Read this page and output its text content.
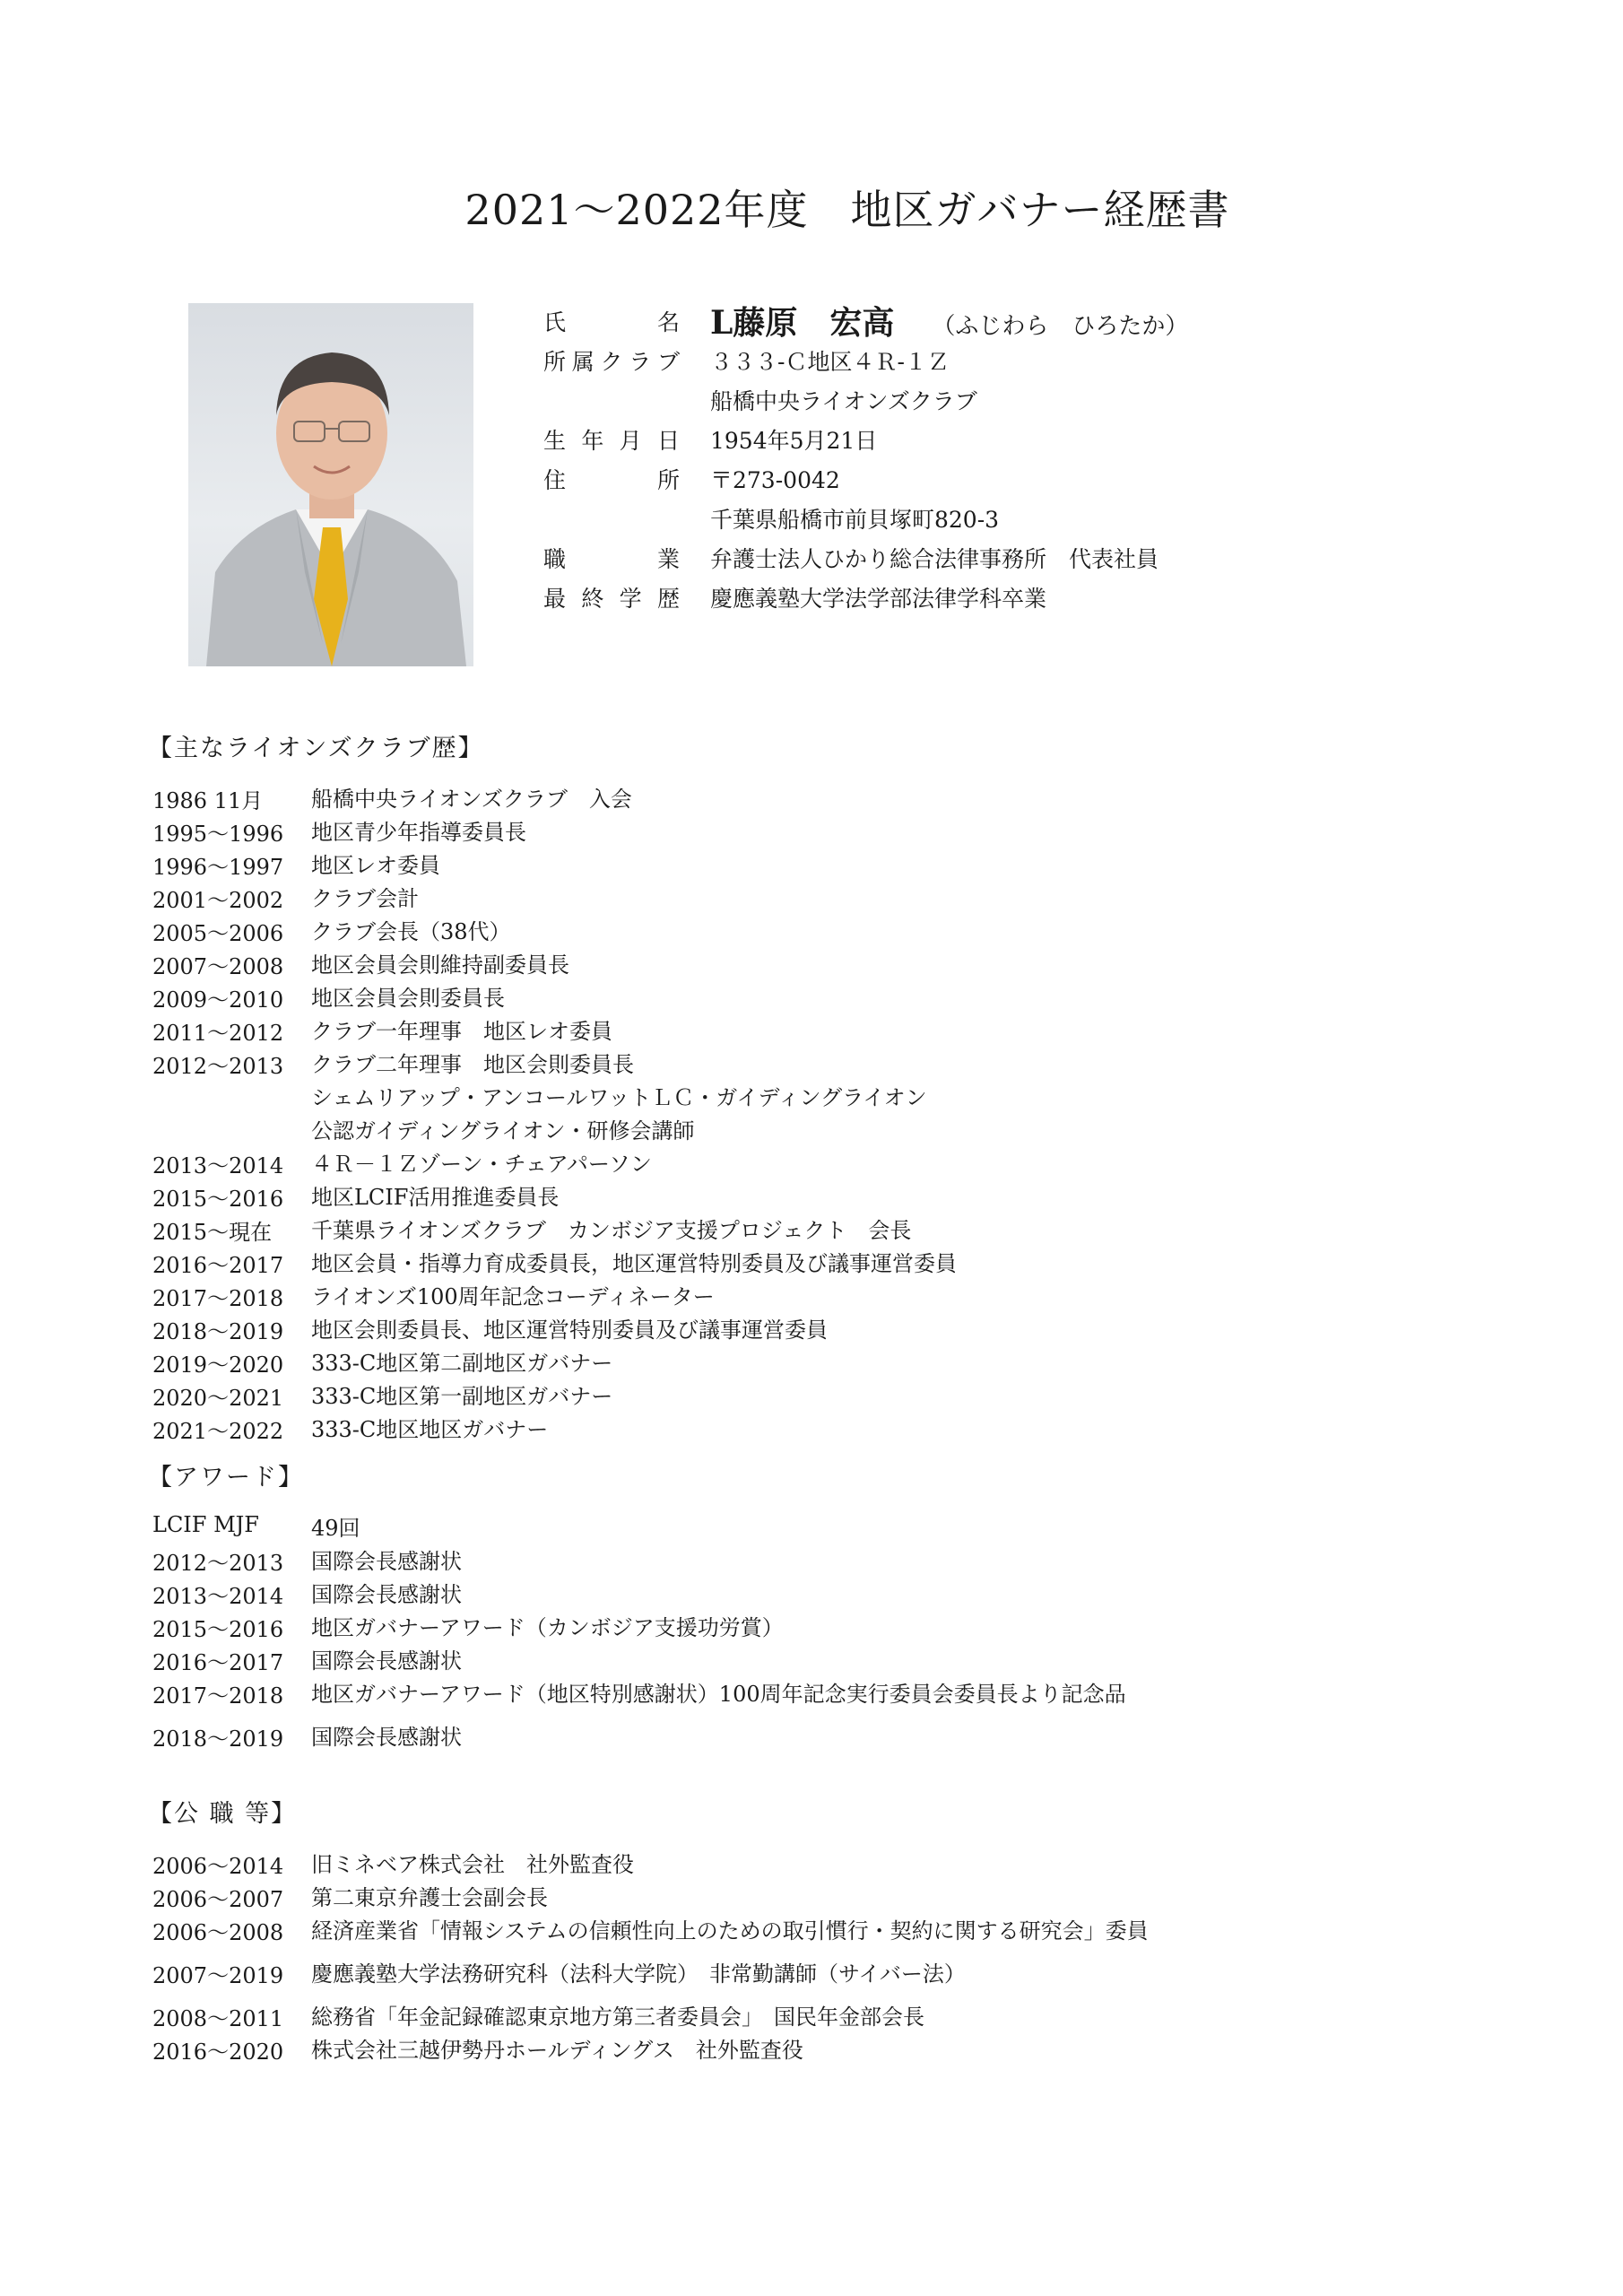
2021～2022年度　地区ガバナー経歴書
氏　　名 L藤原　宏高 （ふじわら　ひろたか）
所属クラブ ３３３-Ｃ地区４Ｒ-１Ｚ
船橋中央ライオンズクラブ
生年月日 1954年5月21日
住　　所 〒273-0042
千葉県船橋市前貝塚町820-3
職　　業 弁護士法人ひかり総合法律事務所　代表社員
最終学歴 慶應義塾大学法学部法律学科卒業
【主なライオンズクラブ歴】
1986 11月 船橋中央ライオンズクラブ　入会
1995～1996 地区青少年指導委員長
1996～1997 地区レオ委員
2001～2002 クラブ会計
2005～2006 クラブ会長（38代）
2007～2008 地区会員会則維持副委員長
2009～2010 地区会員会則委員長
2011～2012 クラブ一年理事　地区レオ委員
2012～2013 クラブ二年理事　地区会則委員長
シェムリアップ・アンコールワットＬＣ・ガイディングライオン
公認ガイディングライオン・研修会講師
2013～2014 ４Ｒ－１Ｚゾーン・チェアパーソン
2015～2016 地区LCIF活用推進委員長
2015～現在 千葉県ライオンズクラブ　カンボジア支援プロジェクト　会長
2016～2017 地区会員・指導力育成委員長，地区運営特別委員及び議事運営委員
2017～2018 ライオンズ100周年記念コーディネーター
2018～2019 地区会則委員長、地区運営特別委員及び議事運営委員
2019～2020 333-C地区第二副地区ガバナー
2020～2021 333-C地区第一副地区ガバナー
2021～2022 333-C地区地区ガバナー
【アワード】
LCIF MJF 49回
2012～2013 国際会長感謝状
2013～2014 国際会長感謝状
2015～2016 地区ガバナーアワード（カンボジア支援功労賞）
2016～2017 国際会長感謝状
2017～2018 地区ガバナーアワード（地区特別感謝状）100周年記念実行委員会委員長より記念品
2018～2019 国際会長感謝状
【公 職 等】
2006～2014 旧ミネベア株式会社　社外監査役
2006～2007 第二東京弁護士会副会長
2006～2008 経済産業省「情報システムの信頼性向上のための取引慣行・契約に関する研究会」委員
2007～2019 慶應義塾大学法務研究科（法科大学院）　非常勤講師（サイバー法）
2008～2011 総務省「年金記録確認東京地方第三者委員会」　国民年金部会長
2016～2020 株式会社三越伊勢丹ホールディングス　社外監査役
